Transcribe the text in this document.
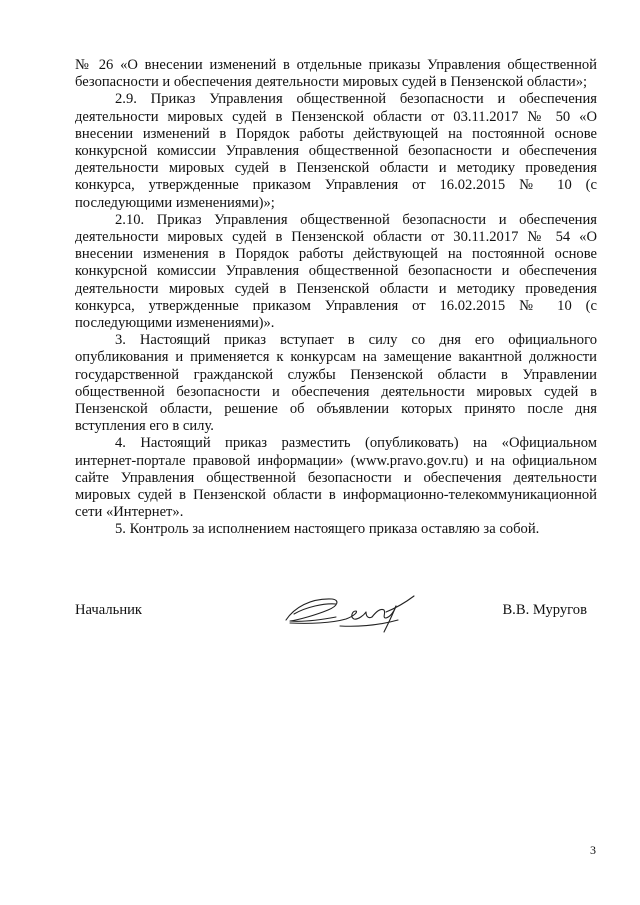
№ 26 «О внесении изменений в отдельные приказы Управления общественной безопасности и обеспечения деятельности мировых судей в Пензенской области»;

2.9. Приказ Управления общественной безопасности и обеспечения деятельности мировых судей в Пензенской области от 03.11.2017 № 50 «О внесении изменений в Порядок работы действующей на постоянной основе конкурсной комиссии Управления общественной безопасности и обеспечения деятельности мировых судей в Пензенской области и методику проведения конкурса, утвержденные приказом Управления от 16.02.2015 № 10 (с последующими изменениями)»;

2.10. Приказ Управления общественной безопасности и обеспечения деятельности мировых судей в Пензенской области от 30.11.2017 № 54 «О внесении изменения в Порядок работы действующей на постоянной основе конкурсной комиссии Управления общественной безопасности и обеспечения деятельности мировых судей в Пензенской области и методику проведения конкурса, утвержденные приказом Управления от 16.02.2015 № 10 (с последующими изменениями)».

3. Настоящий приказ вступает в силу со дня его официального опубликования и применяется к конкурсам на замещение вакантной должности государственной гражданской службы Пензенской области в Управлении общественной безопасности и обеспечения деятельности мировых судей в Пензенской области, решение об объявлении которых принято после дня вступления его в силу.

4. Настоящий приказ разместить (опубликовать) на «Официальном интернет-портале правовой информации» (www.pravo.gov.ru) и на официальном сайте Управления общественной безопасности и обеспечения деятельности мировых судей в Пензенской области в информационно-телекоммуникационной сети «Интернет».

5. Контроль за исполнением настоящего приказа оставляю за собой.

Начальник	В.В. Муругов
3
